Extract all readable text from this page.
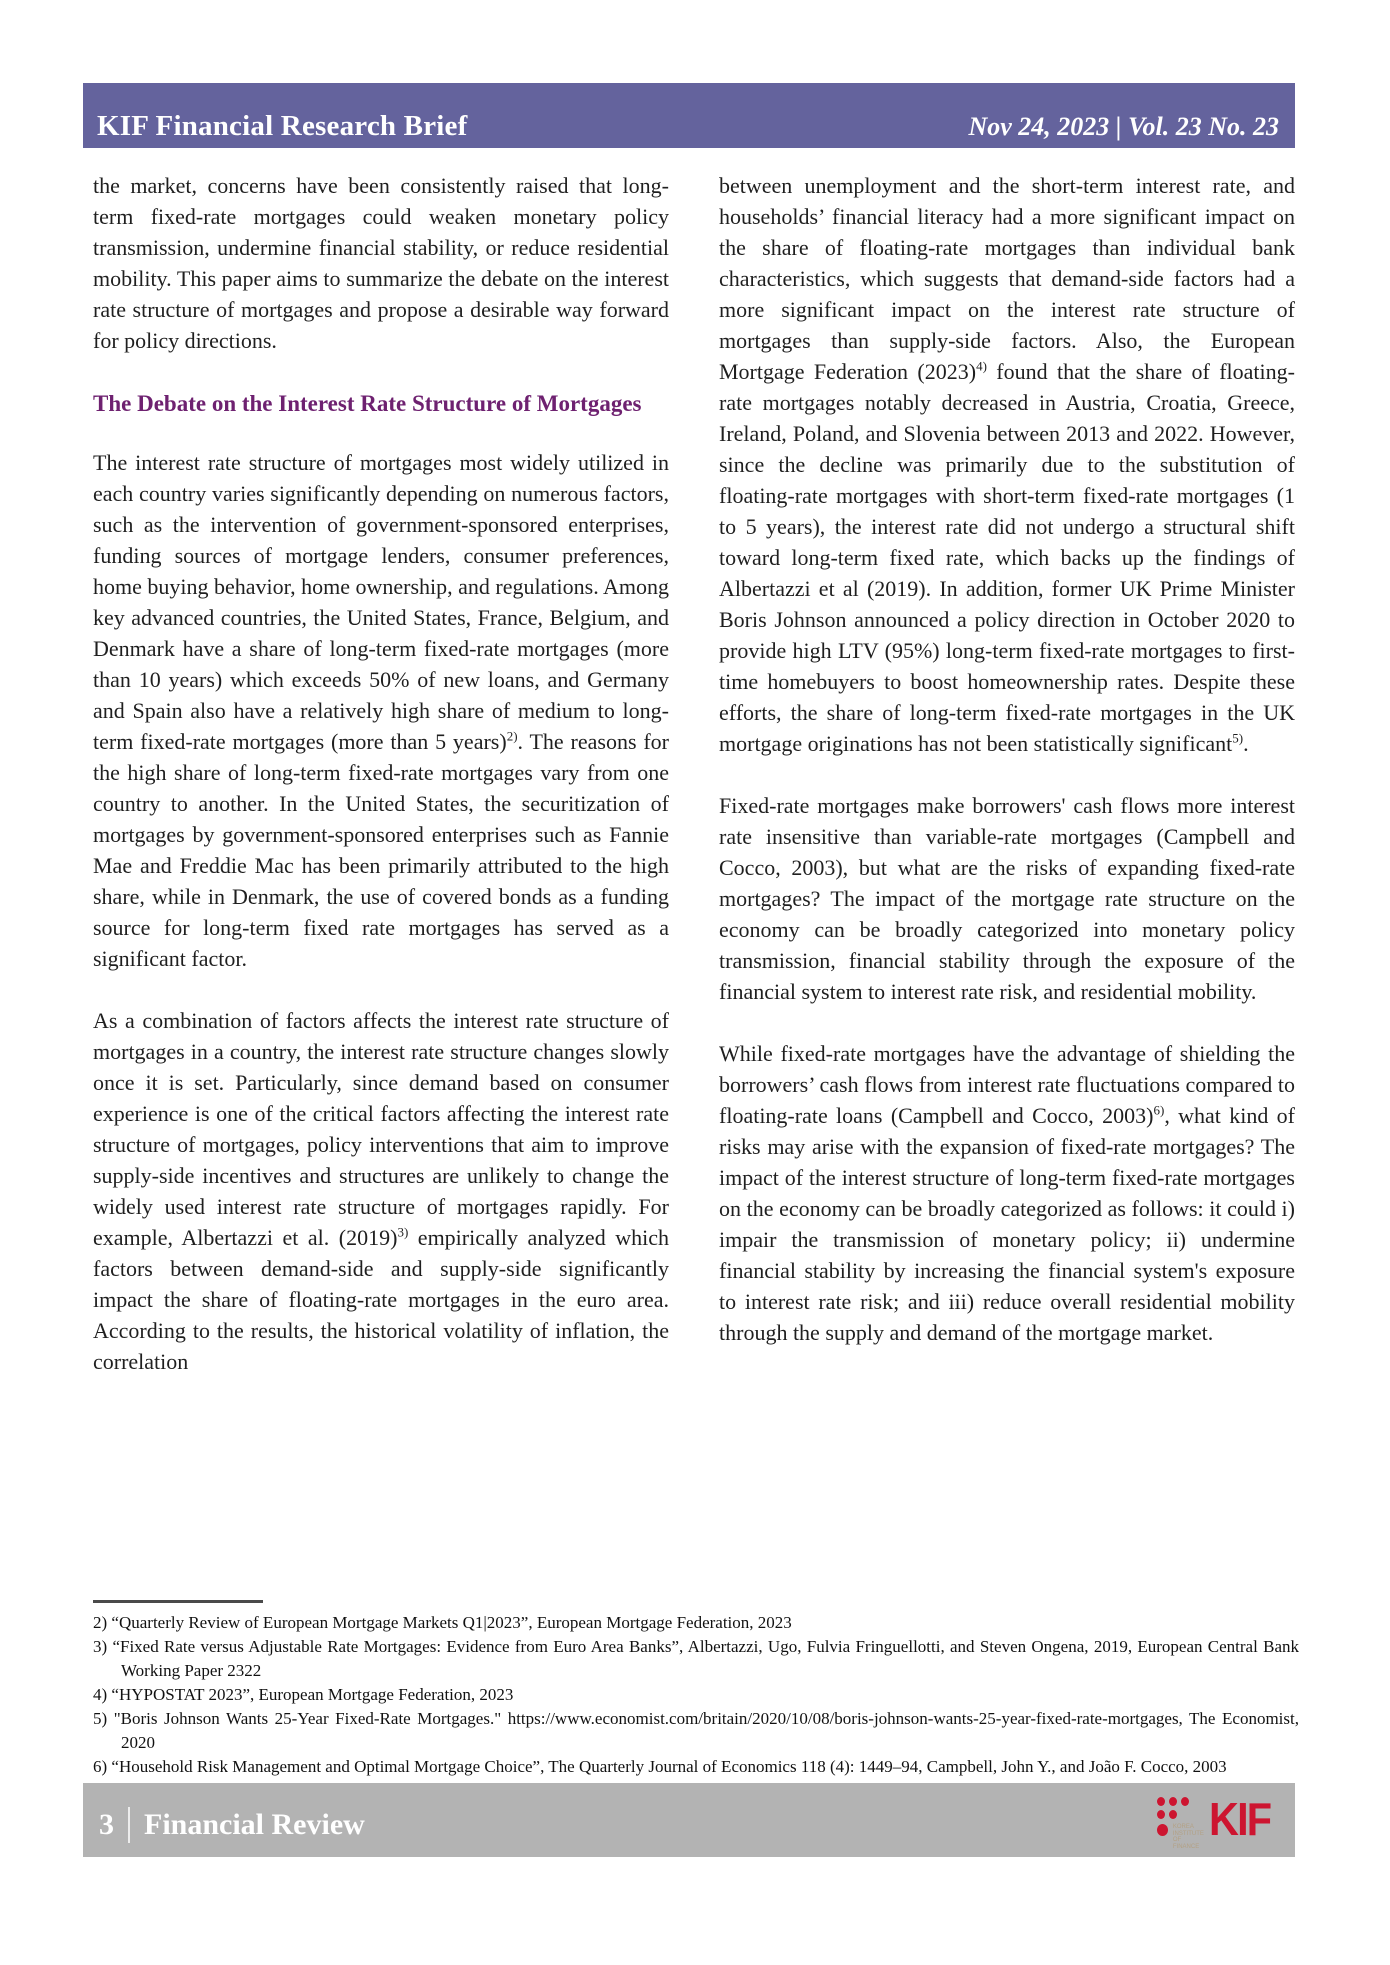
KIF Financial Research Brief	Nov 24, 2023 | Vol. 23 No. 23
the market, concerns have been consistently raised that long-term fixed-rate mortgages could weaken monetary policy transmission, undermine financial stability, or reduce residential mobility. This paper aims to summarize the debate on the interest rate structure of mortgages and propose a desirable way forward for policy directions.
The Debate on the Interest Rate Structure of Mortgages
The interest rate structure of mortgages most widely utilized in each country varies significantly depending on numerous factors, such as the intervention of government-sponsored enterprises, funding sources of mortgage lenders, consumer preferences, home buying behavior, home ownership, and regulations. Among key advanced countries, the United States, France, Belgium, and Denmark have a share of long-term fixed-rate mortgages (more than 10 years) which exceeds 50% of new loans, and Germany and Spain also have a relatively high share of medium to long-term fixed-rate mortgages (more than 5 years)$^{2)}$. The reasons for the high share of long-term fixed-rate mortgages vary from one country to another. In the United States, the securitization of mortgages by government-sponsored enterprises such as Fannie Mae and Freddie Mac has been primarily attributed to the high share, while in Denmark, the use of covered bonds as a funding source for long-term fixed rate mortgages has served as a significant factor.
As a combination of factors affects the interest rate structure of mortgages in a country, the interest rate structure changes slowly once it is set. Particularly, since demand based on consumer experience is one of the critical factors affecting the interest rate structure of mortgages, policy interventions that aim to improve supply-side incentives and structures are unlikely to change the widely used interest rate structure of mortgages rapidly. For example, Albertazzi et al. $(2019)^{3)}$ empirically analyzed which factors between demand-side and supply-side significantly impact the share of floating-rate mortgages in the euro area. According to the results, the historical volatility of inflation, the correlation
between unemployment and the short-term interest rate, and households’ financial literacy had a more significant impact on the share of floating-rate mortgages than individual bank characteristics, which suggests that demand-side factors had a more significant impact on the interest rate structure of mortgages than supply-side factors. Also, the European Mortgage Federation $(2023)^{4)}$ found that the share of floating-rate mortgages notably decreased in Austria, Croatia, Greece, Ireland, Poland, and Slovenia between 2013 and 2022. However, since the decline was primarily due to the substitution of floating-rate mortgages with short-term fixed-rate mortgages (1 to 5 years), the interest rate did not undergo a structural shift toward long-term fixed rate, which backs up the findings of Albertazzi et al (2019). In addition, former UK Prime Minister Boris Johnson announced a policy direction in October 2020 to provide high LTV (95%) long-term fixed-rate mortgages to first-time homebuyers to boost homeownership rates. Despite these efforts, the share of long-term fixed-rate mortgages in the UK mortgage originations has not been statistically significant$^{5)}$.
Fixed-rate mortgages make borrowers' cash flows more interest rate insensitive than variable-rate mortgages (Campbell and Cocco, 2003), but what are the risks of expanding fixed-rate mortgages? The impact of the mortgage rate structure on the economy can be broadly categorized into monetary policy transmission, financial stability through the exposure of the financial system to interest rate risk, and residential mobility.
While fixed-rate mortgages have the advantage of shielding the borrowers’ cash flows from interest rate fluctuations compared to floating-rate loans (Campbell and Cocco, 2003)$^{6)}$, what kind of risks may arise with the expansion of fixed-rate mortgages? The impact of the interest structure of long-term fixed-rate mortgages on the economy can be broadly categorized as follows: it could i) impair the transmission of monetary policy; ii) undermine financial stability by increasing the financial system's exposure to interest rate risk; and iii) reduce overall residential mobility through the supply and demand of the mortgage market.
2) “Quarterly Review of European Mortgage Markets Q1|2023”, European Mortgage Federation, 2023
3) “Fixed Rate versus Adjustable Rate Mortgages: Evidence from Euro Area Banks”, Albertazzi, Ugo, Fulvia Fringuellotti, and Steven Ongena, 2019, European Central Bank Working Paper 2322
4) “HYPOSTAT 2023”, European Mortgage Federation, 2023
5) "Boris Johnson Wants 25-Year Fixed-Rate Mortgages." https://www.economist.com/britain/2020/10/08/boris-johnson-wants-25-year-fixed-rate-mortgages, The Economist, 2020
6) “Household Risk Management and Optimal Mortgage Choice”, The Quarterly Journal of Economics 118 (4): 1449–94, Campbell, John Y., and João F. Cocco, 2003
3 Financial Review	KOREA INSTITUTE OF FINANCE
KIF
